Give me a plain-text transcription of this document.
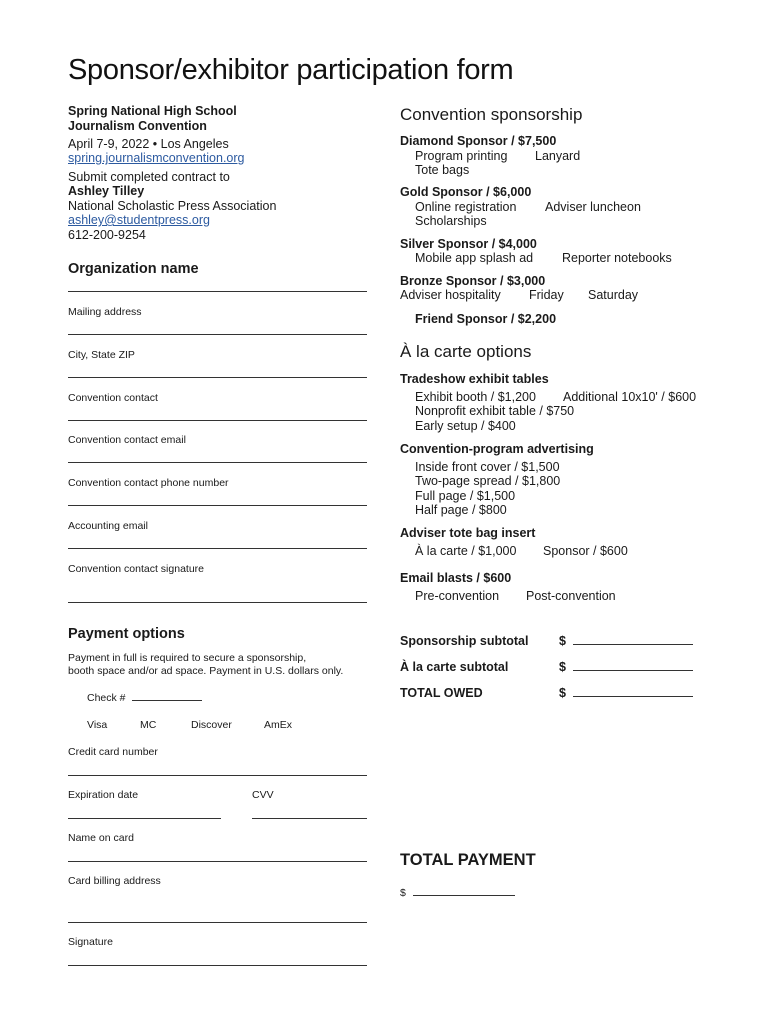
Sponsor/exhibitor participation form
Spring National High School
Journalism Convention
April 7-9, 2022 • Los Angeles
spring.journalismconvention.org
Submit completed contract to
Ashley Tilley
National Scholastic Press Association
ashley@studentpress.org
612-200-9254
Organization name
Mailing address
City, State ZIP
Convention contact
Convention contact email
Convention contact phone number
Accounting email
Convention contact signature
Payment options
Payment in full is required to secure a sponsorship,
booth space and/or ad space. Payment in U.S. dollars only.
Check #
Visa	MC	Discover	AmEx
Credit card number
Expiration date	CVV
Name on card
Card billing address
Signature
Convention sponsorship
Diamond Sponsor / $7,500
Program printing Lanyard
Tote bags
Gold Sponsor / $6,000
Online registration Adviser luncheon
Scholarships
Silver Sponsor / $4,000
Mobile app splash ad Reporter notebooks
Bronze Sponsor / $3,000
Adviser hospitality Friday Saturday
Friend Sponsor / $2,200
À la carte options
Tradeshow exhibit tables
Exhibit booth / $1,200 Additional 10x10' / $600
Nonprofit exhibit table / $750
Early setup / $400
Convention-program advertising
Inside front cover / $1,500
Two-page spread / $1,800
Full page / $1,500
Half page / $800
Adviser tote bag insert
À la carte / $1,000 Sponsor / $600
Email blasts / $600
Pre-convention Post-convention
Sponsorship subtotal $
À la carte subtotal	$
TOTAL OWED	$
TOTAL PAYMENT
$
